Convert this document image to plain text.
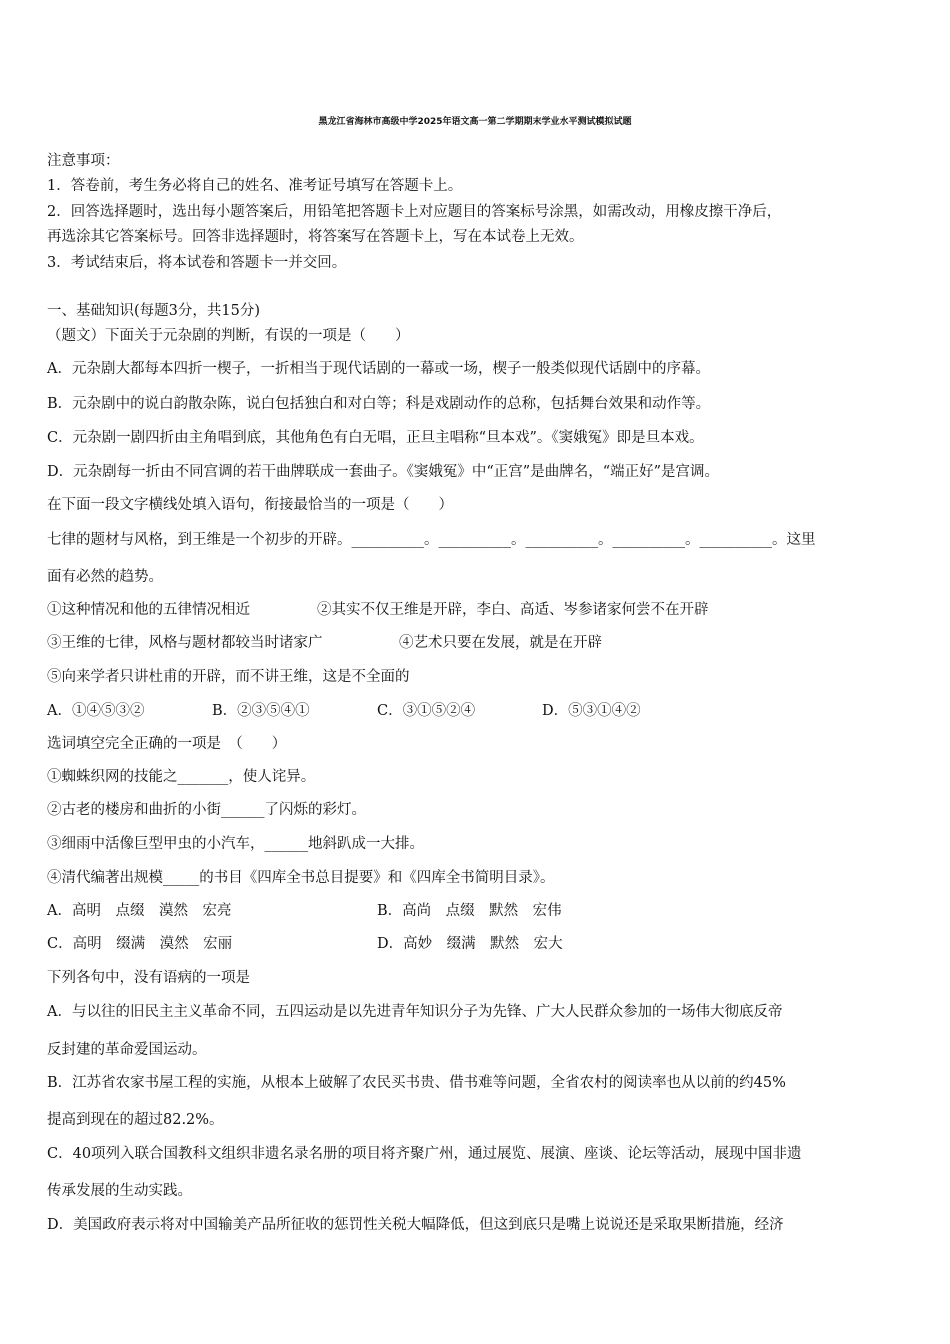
黑龙江省海林市高级中学2025年语文高一第二学期期末学业水平测试模拟试题
注意事项：
1．答卷前，考生务必将自己的姓名、准考证号填写在答题卡上。
2．回答选择题时，选出每小题答案后，用铅笔把答题卡上对应题目的答案标号涂黑，如需改动，用橡皮擦干净后，
再选涂其它答案标号。回答非选择题时，将答案写在答题卡上，写在本试卷上无效。
3．考试结束后，将本试卷和答题卡一并交回。
一、基础知识(每题3分，共15分)
（题文）下面关于元杂剧的判断，有误的一项是（　　）
A．元杂剧大都每本四折一楔子，一折相当于现代话剧的一幕或一场，楔子一般类似现代话剧中的序幕。
B．元杂剧中的说白韵散杂陈，说白包括独白和对白等；科是戏剧动作的总称，包括舞台效果和动作等。
C．元杂剧一剧四折由主角唱到底，其他角色有白无唱，正旦主唱称“旦本戏”。《窦娥冤》即是旦本戏。
D．元杂剧每一折由不同宫调的若干曲牌联成一套曲子。《窦娥冤》中“正宫”是曲牌名，“端正好”是宫调。
在下面一段文字横线处填入语句，衔接最恰当的一项是（　　）
七律的题材与风格，到王维是一个初步的开辟。__________。__________。__________。__________。__________。这里
面有必然的趋势。
①这种情况和他的五律情况相近	②其实不仅王维是开辟，李白、高适、岑参诸家何尝不在开辟
③王维的七律，风格与题材都较当时诸家广	④艺术只要在发展，就是在开辟
⑤向来学者只讲杜甫的开辟，而不讲王维，这是不全面的
A．①④⑤③②	B．②③⑤④①	C．③①⑤②④	D．⑤③①④②
选词填空完全正确的一项是　（　　）
①蜘蛛织网的技能之_______，使人诧异。
②古老的楼房和曲折的小街______了闪烁的彩灯。
③细雨中活像巨型甲虫的小汽车，______地斜趴成一大排。
④清代编著出规模_____的书目《四库全书总目提要》和《四库全书简明目录》。
A．高明　点缀　漠然　宏亮	B．高尚　点缀　默然　宏伟
C．高明　缀满　漠然　宏丽	D．高妙　缀满　默然　宏大
下列各句中，没有语病的一项是
A．与以往的旧民主主义革命不同，五四运动是以先进青年知识分子为先锋、广大人民群众参加的一场伟大彻底反帝
反封建的革命爱国运动。
B．江苏省农家书屋工程的实施，从根本上破解了农民买书贵、借书难等问题，全省农村的阅读率也从以前的约45%
提高到现在的超过82.2%。
C．40项列入联合国教科文组织非遗名录名册的项目将齐聚广州，通过展览、展演、座谈、论坛等活动，展现中国非遗
传承发展的生动实践。
D．美国政府表示将对中国输美产品所征收的惩罚性关税大幅降低，但这到底只是嘴上说说还是采取果断措施，经济
